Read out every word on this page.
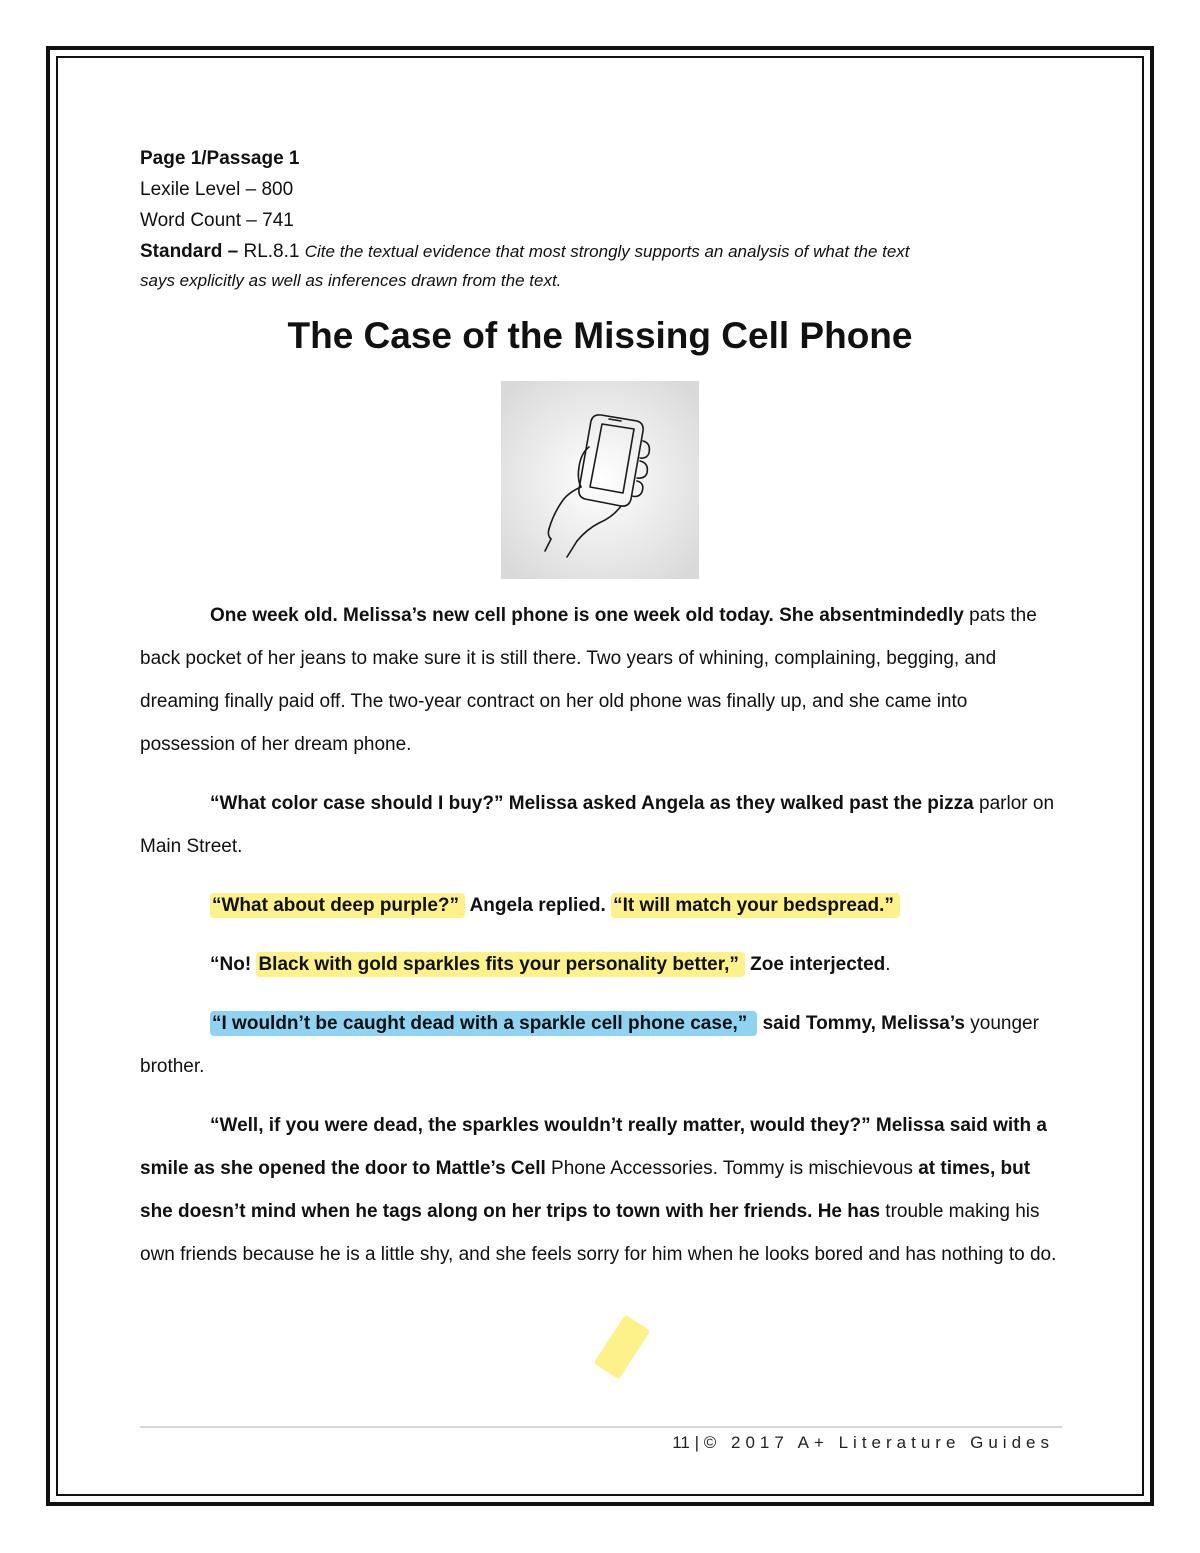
Page 1/Passage 1
Lexile Level – 800
Word Count – 741
Standard – RL.8.1 Cite the textual evidence that most strongly supports an analysis of what the text
says explicitly as well as inferences drawn from the text.
The Case of the Missing Cell Phone

One week old. Melissa’s new cell phone is one week old today. She absentmindedly pats the back pocket of her jeans to make sure it is still there. Two years of whining, complaining, begging, and dreaming finally paid off. The two-year contract on her old phone was finally up, and she came into possession of her dream phone.

“What color case should I buy?” Melissa asked Angela as they walked past the pizza parlor on Main Street.

“What about deep purple?” Angela replied. “It will match your bedspread.”

“No! Black with gold sparkles fits your personality better,” Zoe interjected.

“I wouldn’t be caught dead with a sparkle cell phone case,” said Tommy, Melissa’s younger brother.

“Well, if you were dead, the sparkles wouldn’t really matter, would they?” Melissa said with a smile as she opened the door to Mattle’s Cell Phone Accessories. Tommy is mischievous at times, but she doesn’t mind when he tags along on her trips to town with her friends. He has trouble making his own friends because he is a little shy, and she feels sorry for him when he looks bored and has nothing to do.

11 | © 2017 A+ Literature Guides
